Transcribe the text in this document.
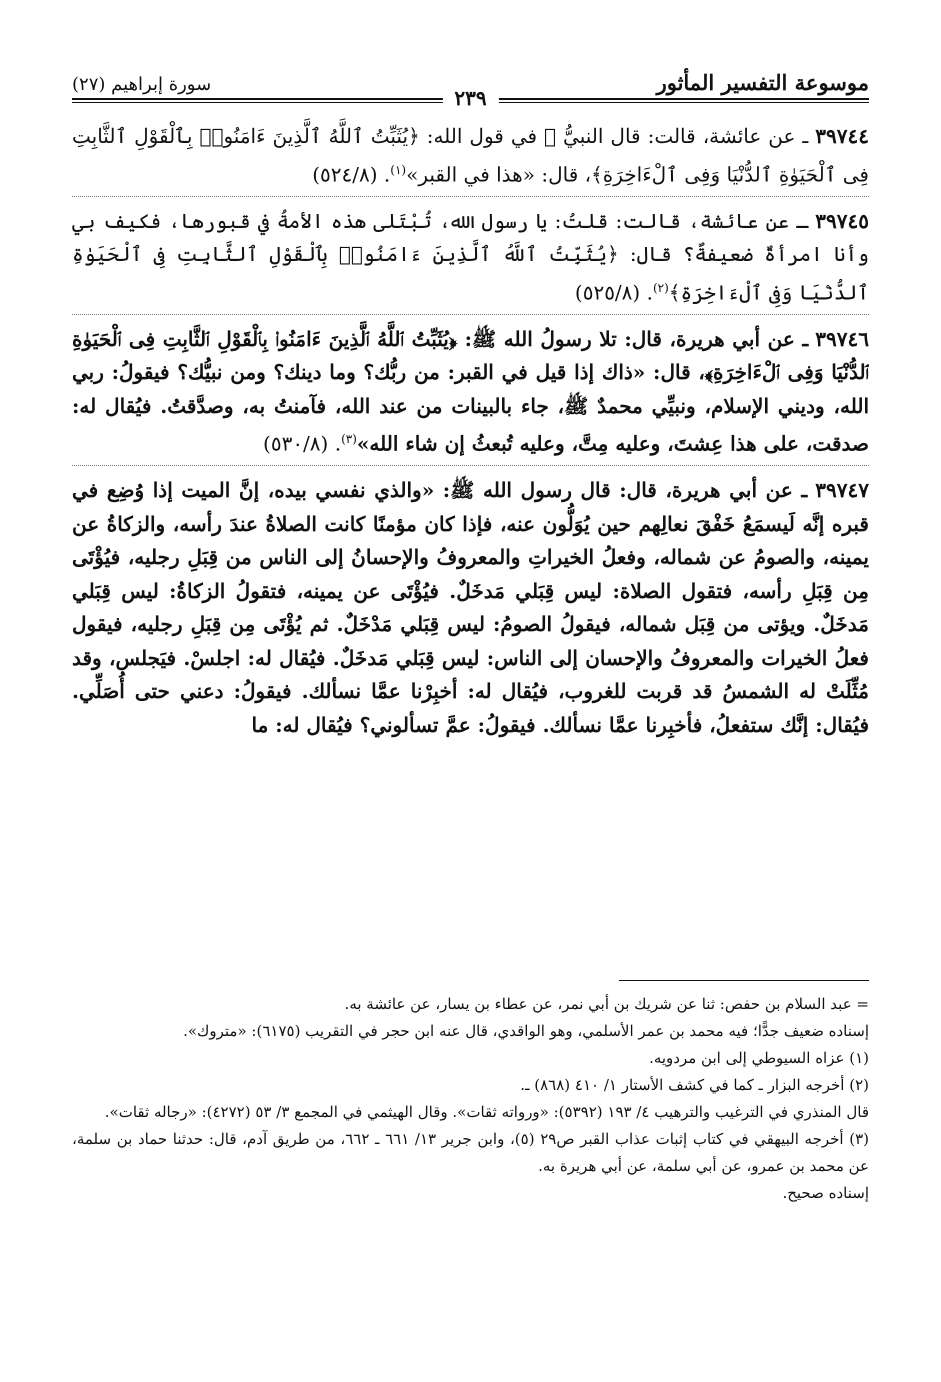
موسوعة التفسير المأثور
سورة إبراهيم (٢٧)
٢٣٩

٣٩٧٤٤ ـ عن عائشة، قالت: قال النبيُّ ﷺ في قول الله: ﴿يُثَبِّتُ ٱللَّهُ ٱلَّذِينَ ءَامَنُوا۟ بِٱلْقَوْلِ ٱلثَّابِتِ فِى ٱلْحَيَوٰةِ ٱلدُّنْيَا وَفِى ٱلْءَاخِرَةِ﴾، قال: «هذا في القبر»$^{(١)}$. (٥٢٤/٨)

٣٩٧٤٥ ـ عن عائشة، قالت: قلتُ: يا رسول الله، تُبْتَلى هذه الأمةُ في قبورها، فكيف بي وأنا امرأةٌ ضعيفةٌ؟ قال: ﴿يُثَبِّتُ ٱللَّهُ ٱلَّذِينَ ءَامَنُوا۟ بِٱلْقَوْلِ ٱلثَّابِتِ فِى ٱلْحَيَوٰةِ ٱلدُّنْيَا وَفِى ٱلْءَاخِرَةِ﴾$^{(٢)}$. (٥٢٥/٨)

٣٩٧٤٦ ـ عن أبي هريرة، قال: تلا رسولُ الله ﷺ: ﴿يُثَبِّتُ ٱللَّهُ ٱلَّذِينَ ءَامَنُوا۟ بِٱلْقَوْلِ ٱلثَّابِتِ فِى ٱلْحَيَوٰةِ ٱلدُّنْيَا وَفِى ٱلْءَاخِرَةِ﴾، قال: «ذاك إذا قيل في القبر: من ربُّك؟ وما دينك؟ ومن نبيُّك؟ فيقولُ: ربي الله، وديني الإسلام، ونبيِّي محمدٌ ﷺ، جاء بالبينات من عند الله، فآمنتُ به، وصدَّقتُ. فيُقال له: صدقت، على هذا عِشتَ، وعليه مِتَّ، وعليه تُبعثُ إن شاء الله»$^{(٣)}$. (٥٣٠/٨)

٣٩٧٤٧ ـ عن أبي هريرة، قال: قال رسول الله ﷺ: «والذي نفسي بيده، إنَّ الميت إذا وُضِع في قبره إنَّه لَيسمَعُ خَفْقَ نعالِهم حين يُوَلُّون عنه، فإذا كان مؤمنًا كانت الصلاةُ عندَ رأسه، والزكاةُ عن يمينه، والصومُ عن شماله، وفعلُ الخيراتِ والمعروفُ والإحسانُ إلى الناس من قِبَلِ رجليه، فيُؤْتَى مِن قِبَلِ رأسه، فتقول الصلاة: ليس قِبَلي مَدخَلٌ. فيُؤْتَى عن يمينه، فتقولُ الزكاةُ: ليس قِبَلي مَدخَلٌ. ويؤتى من قِبَل شماله، فيقولُ الصومُ: ليس قِبَلي مَدْخَلٌ. ثم يُؤْتَى مِن قِبَلِ رجليه، فيقول فعلُ الخيرات والمعروفُ والإحسان إلى الناس: ليس قِبَلي مَدخَلٌ. فيُقال له: اجلسْ. فيَجلس، وقد مُثِّلَتْ له الشمسُ قد قربت للغروب، فيُقال له: أخبِرْنا عمَّا نسألك. فيقولُ: دعني حتى أُصَلِّي. فيُقال: إنَّك ستفعلُ، فأخبِرنا عمَّا نسألك. فيقولُ: عمَّ تسألوني؟ فيُقال له: ما

= عبد السلام بن حفص: ثنا عن شريك بن أبي نمر، عن عطاء بن يسار، عن عائشة به.

إسناده ضعيف جدًّا؛ فيه محمد بن عمر الأسلمي، وهو الواقدي، قال عنه ابن حجر في التقريب (٦١٧٥): «متروك».

(١) عزاه السيوطي إلى ابن مردويه.

(٢) أخرجه البزار ـ كما في كشف الأستار ١/ ٤١٠ (٨٦٨) ـ.

قال المنذري في الترغيب والترهيب ٤/ ١٩٣ (٥٣٩٢): «ورواته ثقات». وقال الهيثمي في المجمع ٣/ ٥٣ (٤٢٧٢): «رجاله ثقات».

(٣) أخرجه البيهقي في كتاب إثبات عذاب القبر ص٢٩ (٥)، وابن جرير ١٣/ ٦٦١ ـ ٦٦٢، من طريق آدم، قال: حدثنا حماد بن سلمة، عن محمد بن عمرو، عن أبي سلمة، عن أبي هريرة به.

إسناده صحيح.
